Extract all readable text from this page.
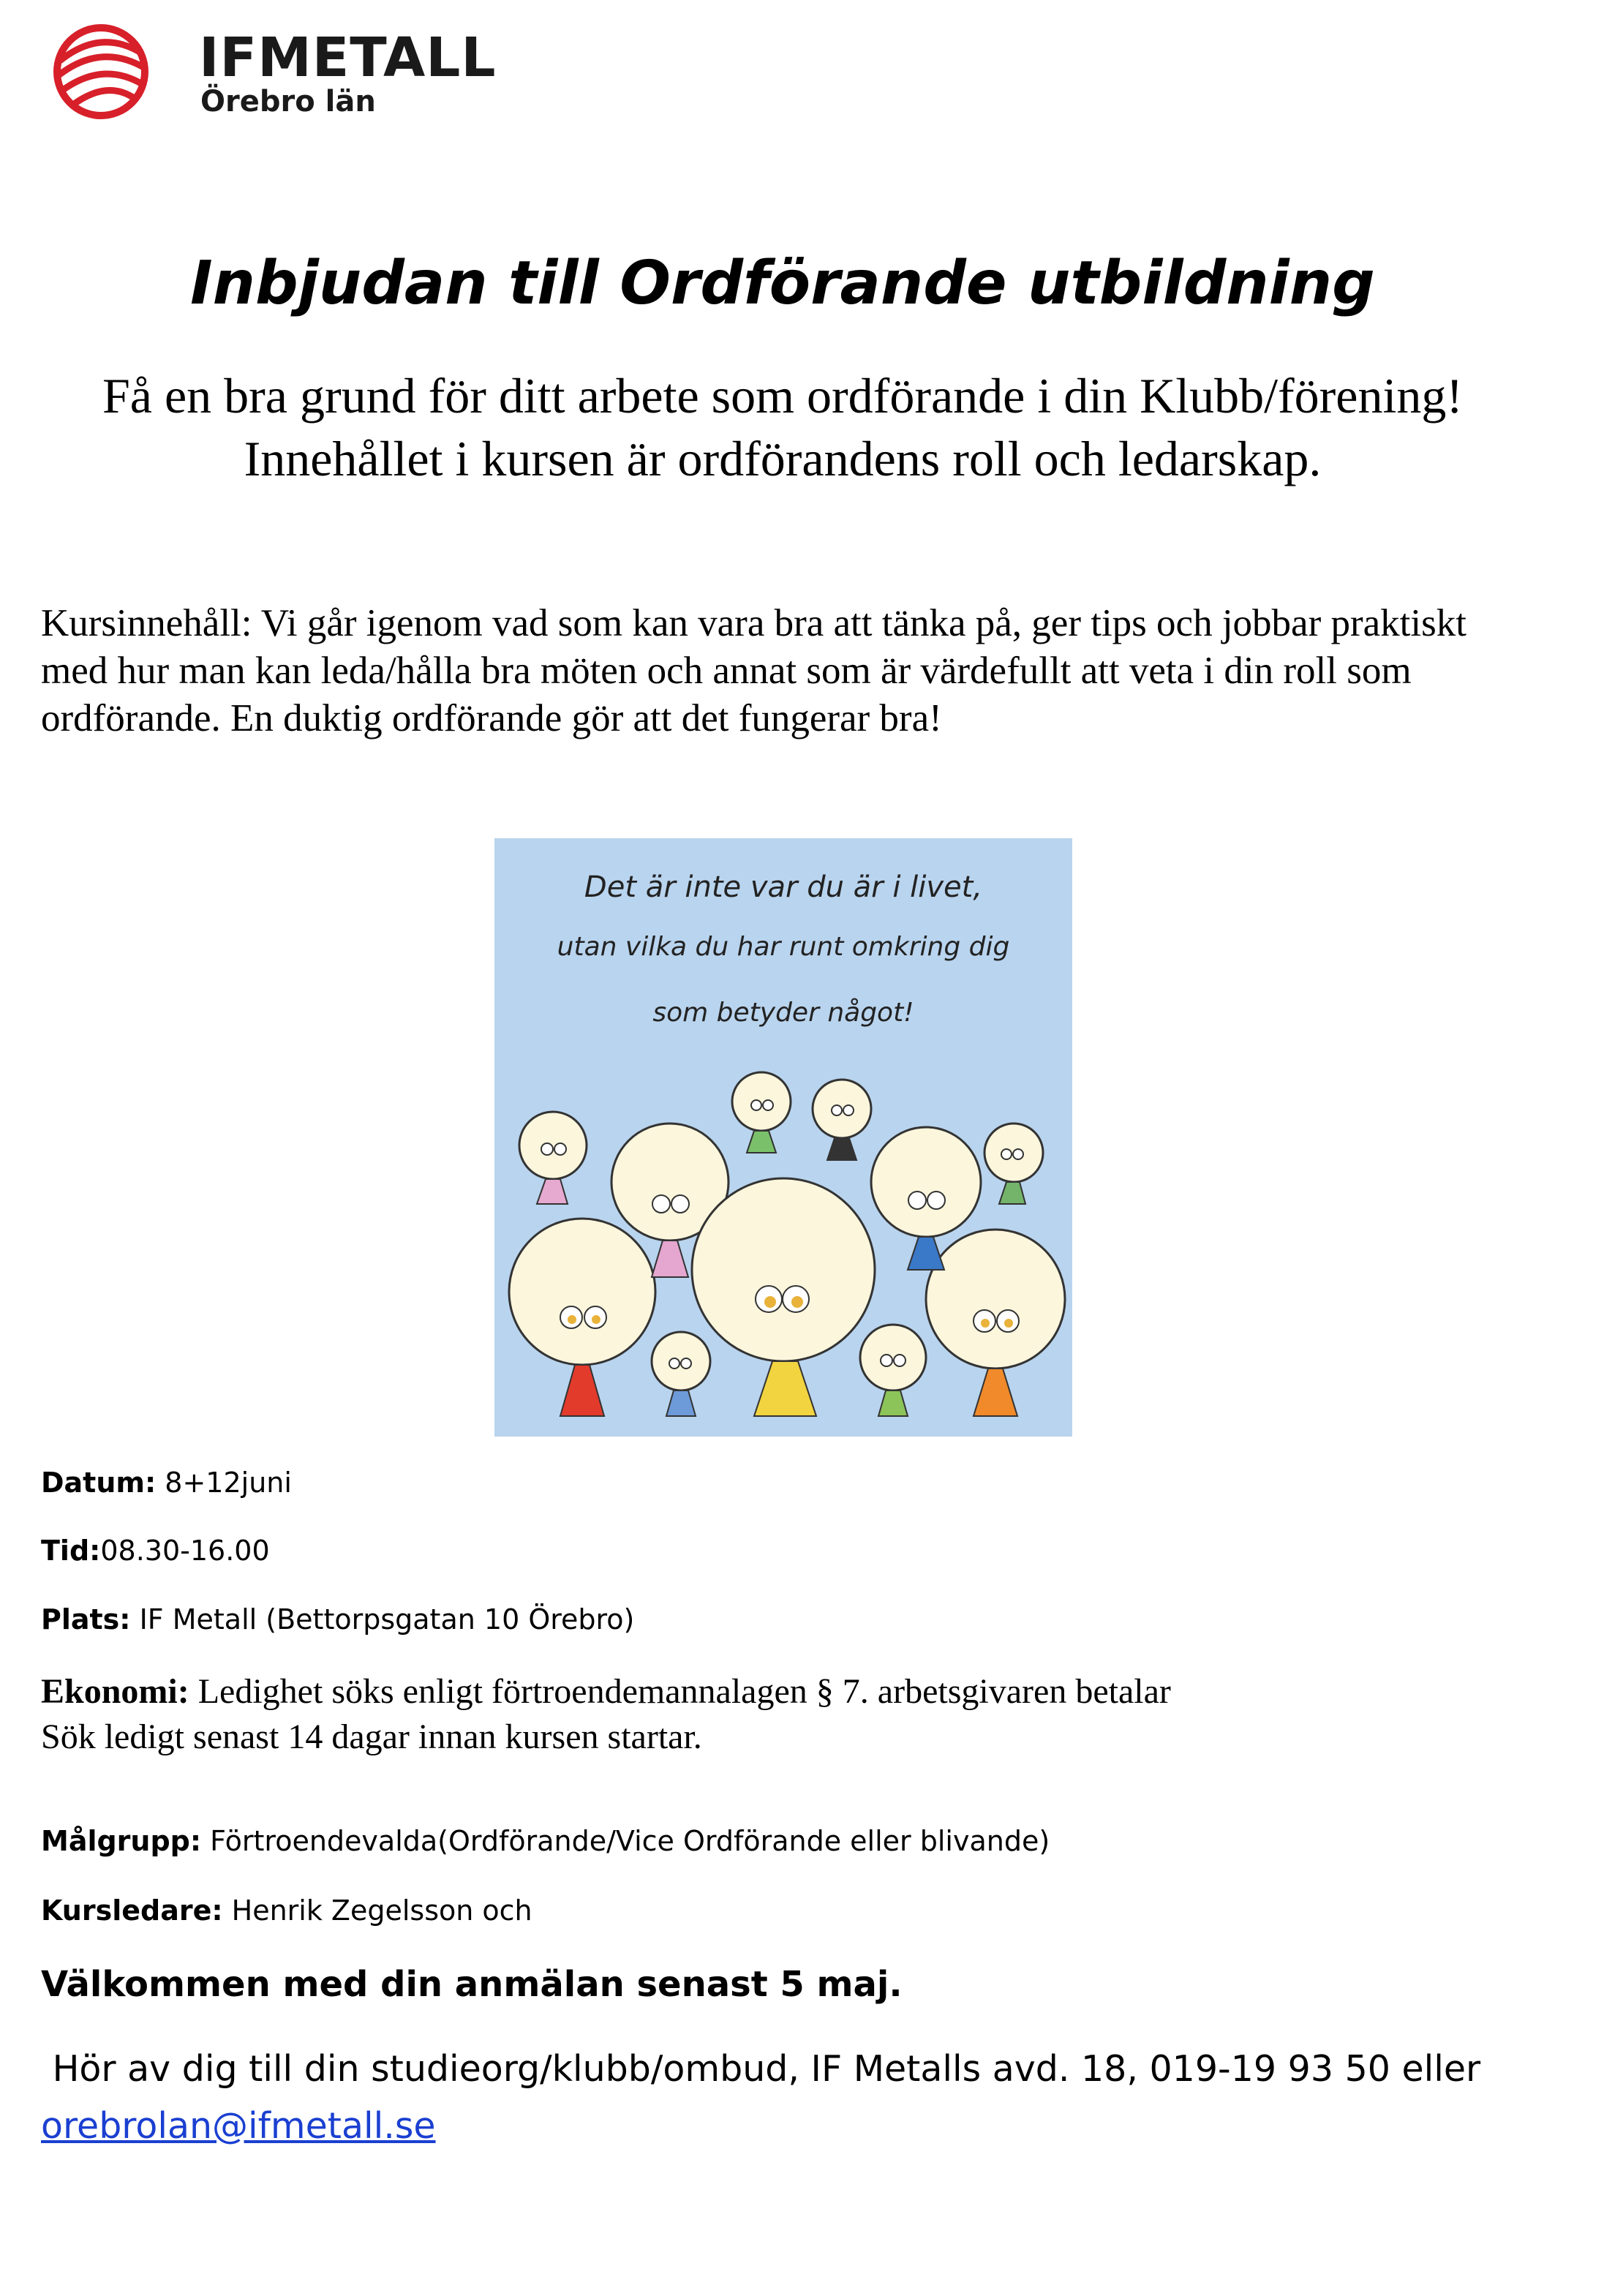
IFMETALL
Örebro län
Inbjudan till Ordförande utbildning
Få en bra grund för ditt arbete som ordförande i din Klubb/förening! Innehållet i kursen är ordförandens roll och ledarskap.
Kursinnehåll: Vi går igenom vad som kan vara bra att tänka på, ger tips och jobbar praktiskt med hur man kan leda/hålla bra möten och annat som är värdefullt att veta i din roll som ordförande. En duktig ordförande gör att det fungerar bra!
Det är inte var du är i livet,
utan vilka du har runt omkring dig
som betyder något!
Datum: 8+12juni
Tid:08.30-16.00
Plats: IF Metall (Bettorpsgatan 10 Örebro)
Ekonomi: Ledighet söks enligt förtroendemannalagen § 7. arbetsgivaren betalar
Sök ledigt senast 14 dagar innan kursen startar.
Målgrupp: Förtroendevalda(Ordförande/Vice Ordförande eller blivande)
Kursledare: Henrik Zegelsson och
Välkommen med din anmälan senast 5 maj.
Hör av dig till din studieorg/klubb/ombud, IF Metalls avd. 18, 019-19 93 50 eller
orebrolan@ifmetall.se
